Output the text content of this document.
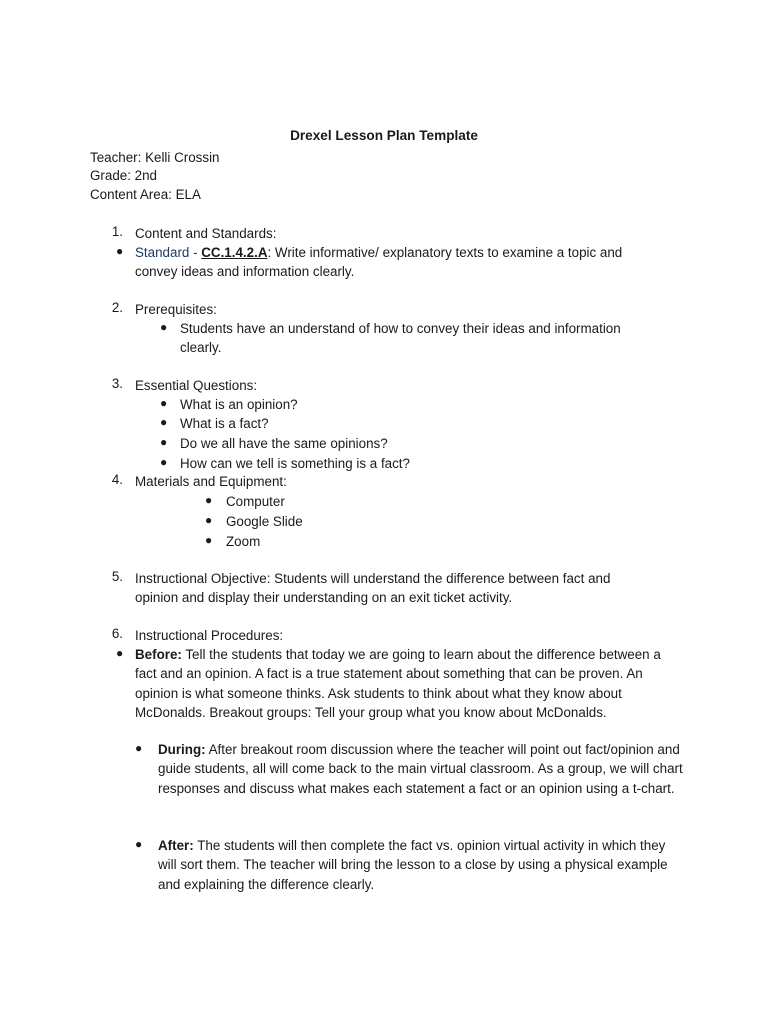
Drexel Lesson Plan Template
Teacher: Kelli Crossin
Grade: 2nd
Content Area: ELA
1. Content and Standards:
● Standard - CC.1.4.2.A: Write informative/ explanatory texts to examine a topic and convey ideas and information clearly.
2. Prerequisites:
● Students have an understand of how to convey their ideas and information clearly.
3. Essential Questions:
● What is an opinion?
● What is a fact?
● Do we all have the same opinions?
● How can we tell is something is a fact?
4. Materials and Equipment:
● Computer
● Google Slide
● Zoom
5. Instructional Objective: Students will understand the difference between fact and opinion and display their understanding on an exit ticket activity.
6. Instructional Procedures:
● Before: Tell the students that today we are going to learn about the difference between a fact and an opinion. A fact is a true statement about something that can be proven. An opinion is what someone thinks. Ask students to think about what they know about McDonalds. Breakout groups: Tell your group what you know about McDonalds.
● During: After breakout room discussion where the teacher will point out fact/opinion and guide students, all will come back to the main virtual classroom. As a group, we will chart responses and discuss what makes each statement a fact or an opinion using a t-chart.
● After: The students will then complete the fact vs. opinion virtual activity in which they will sort them. The teacher will bring the lesson to a close by using a physical example and explaining the difference clearly.
